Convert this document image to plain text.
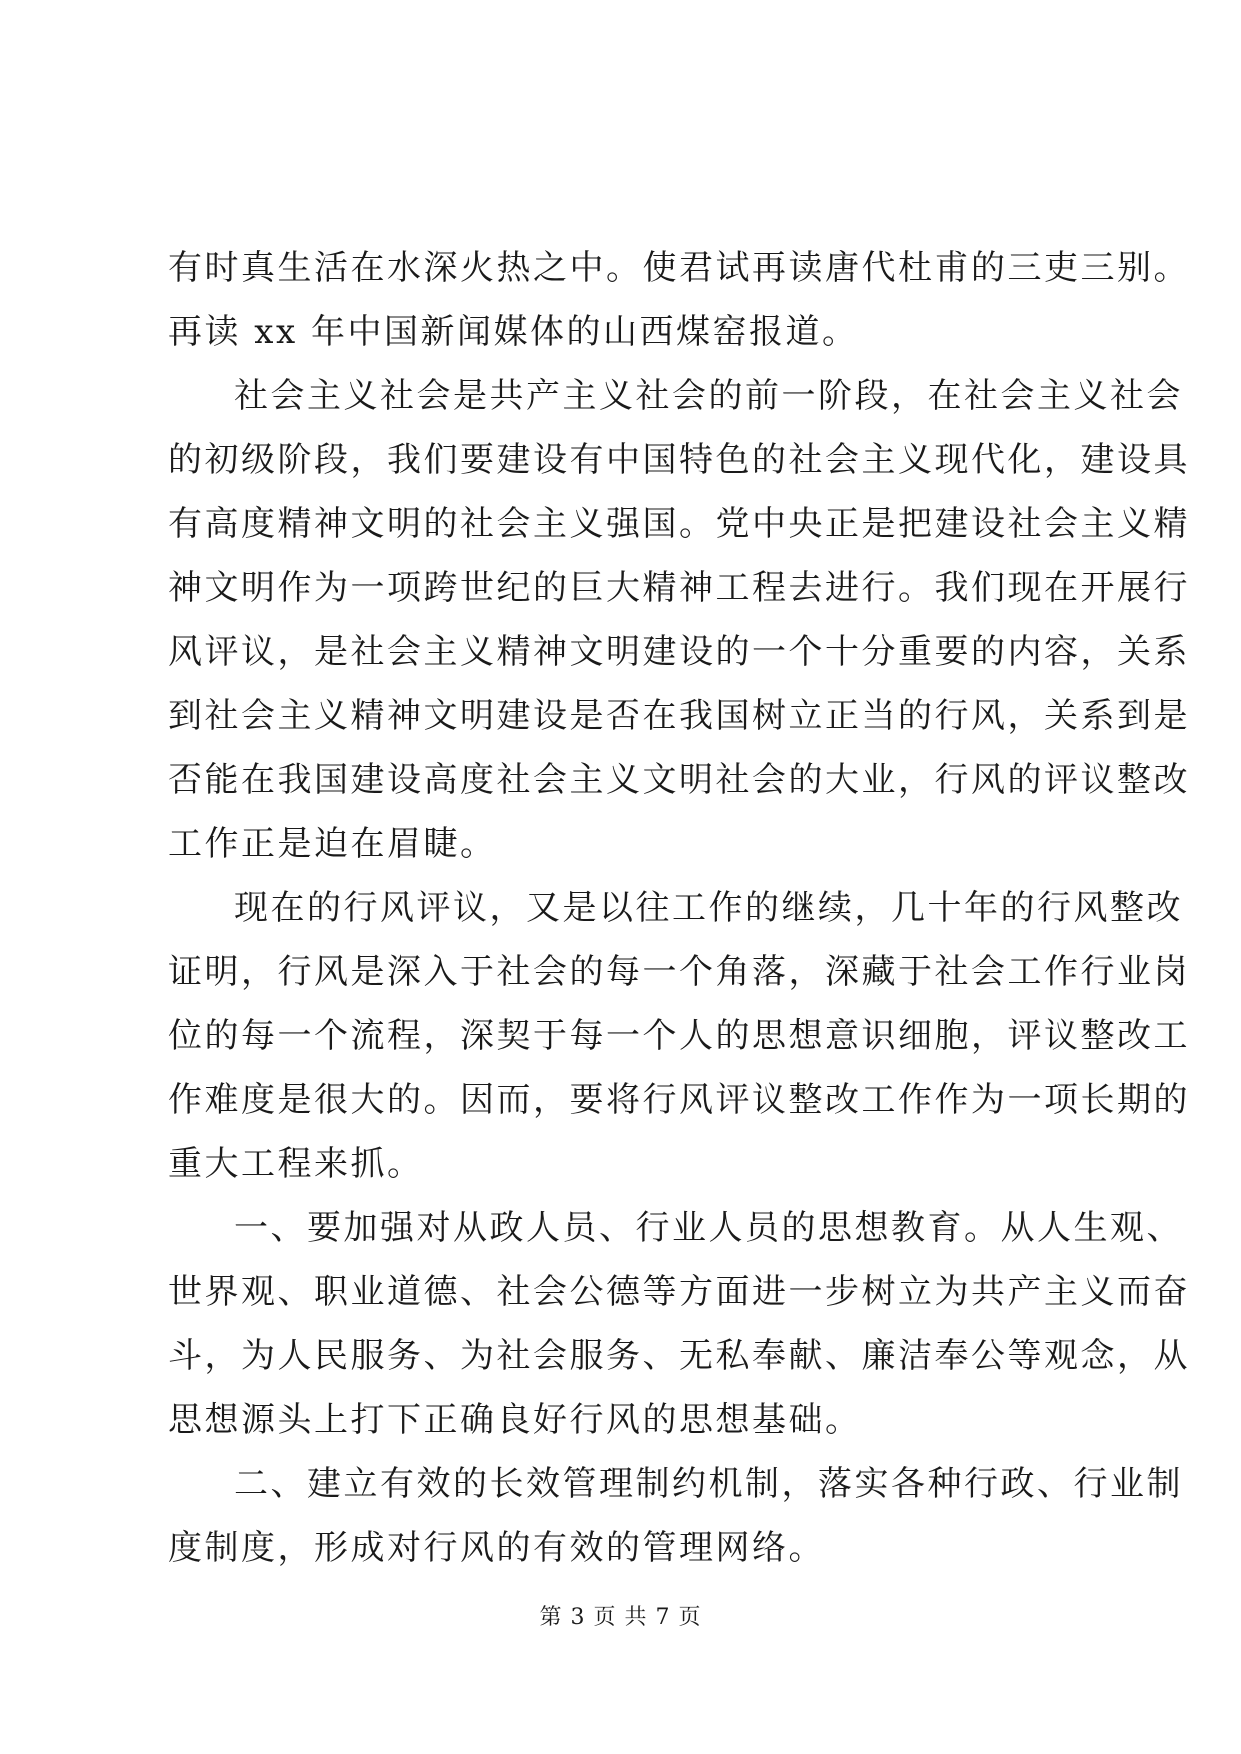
有时真生活在水深火热之中。使君试再读唐代杜甫的三吏三别。
再读 xx 年中国新闻媒体的山西煤窑报道。
社会主义社会是共产主义社会的前一阶段，在社会主义社会
的初级阶段，我们要建设有中国特色的社会主义现代化，建设具
有高度精神文明的社会主义强国。党中央正是把建设社会主义精
神文明作为一项跨世纪的巨大精神工程去进行。我们现在开展行
风评议，是社会主义精神文明建设的一个十分重要的内容，关系
到社会主义精神文明建设是否在我国树立正当的行风，关系到是
否能在我国建设高度社会主义文明社会的大业，行风的评议整改
工作正是迫在眉睫。
现在的行风评议，又是以往工作的继续，几十年的行风整改
证明，行风是深入于社会的每一个角落，深藏于社会工作行业岗
位的每一个流程，深契于每一个人的思想意识细胞，评议整改工
作难度是很大的。因而，要将行风评议整改工作作为一项长期的
重大工程来抓。
一、要加强对从政人员、行业人员的思想教育。从人生观、
世界观、职业道德、社会公德等方面进一步树立为共产主义而奋
斗，为人民服务、为社会服务、无私奉献、廉洁奉公等观念，从
思想源头上打下正确良好行风的思想基础。
二、建立有效的长效管理制约机制，落实各种行政、行业制
度制度，形成对行风的有效的管理网络。
第 3 页 共 7 页
